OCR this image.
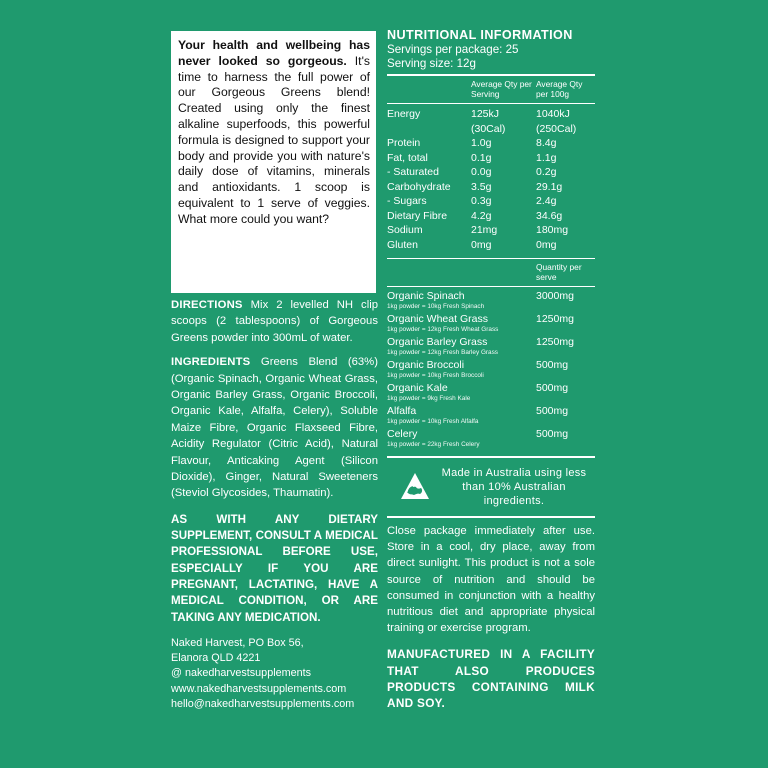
Your health and wellbeing has never looked so gorgeous. It's time to harness the full power of our Gorgeous Greens blend! Created using only the finest alkaline superfoods, this powerful formula is designed to support your body and provide you with nature's daily dose of vitamins, minerals and antioxidants. 1 scoop is equivalent to 1 serve of veggies. What more could you want?
DIRECTIONS Mix 2 levelled NH clip scoops (2 tablespoons) of Gorgeous Greens powder into 300mL of water.
INGREDIENTS Greens Blend (63%) (Organic Spinach, Organic Wheat Grass, Organic Barley Grass, Organic Broccoli, Organic Kale, Alfalfa, Celery), Soluble Maize Fibre, Organic Flaxseed Fibre, Acidity Regulator (Citric Acid), Natural Flavour, Anticaking Agent (Silicon Dioxide), Ginger, Natural Sweeteners (Steviol Glycosides, Thaumatin).
AS WITH ANY DIETARY SUPPLEMENT, CONSULT A MEDICAL PROFESSIONAL BEFORE USE, ESPECIALLY IF YOU ARE PREGNANT, LACTATING, HAVE A MEDICAL CONDITION, OR ARE TAKING ANY MEDICATION.
Naked Harvest, PO Box 56,
Elanora QLD 4221
@ nakedharvestsupplements
www.nakedharvestsupplements.com
hello@nakedharvestsupplements.com
NUTRITIONAL INFORMATION
Servings per package: 25
Serving size: 12g
	Average Qty per Serving	Average Qty per 100g
Energy	125kJ	1040kJ
	(30Cal)	(250Cal)
Protein	1.0g	8.4g
Fat, total	0.1g	1.1g
- Saturated	0.0g	0.2g
Carbohydrate	3.5g	29.1g
- Sugars	0.3g	2.4g
Dietary Fibre	4.2g	34.6g
Sodium	21mg	180mg
Gluten	0mg	0mg
	Quantity per serve
Organic Spinach
1kg powder = 10kg Fresh Spinach	3000mg
Organic Wheat Grass
1kg powder = 12kg Fresh Wheat Grass	1250mg
Organic Barley Grass
1kg powder = 12kg Fresh Barley Grass	1250mg
Organic Broccoli
1kg powder = 10kg Fresh Broccoli	500mg
Organic Kale
1kg powder = 9kg Fresh Kale	500mg
Alfalfa
1kg powder = 10kg Fresh Alfalfa	500mg
Celery
1kg powder = 22kg Fresh Celery	500mg
Made in Australia using less than 10% Australian ingredients.
Close package immediately after use. Store in a cool, dry place, away from direct sunlight. This product is not a sole source of nutrition and should be consumed in conjunction with a healthy nutritious diet and appropriate physical training or exercise program.
MANUFACTURED IN A FACILITY THAT ALSO PRODUCES PRODUCTS CONTAINING MILK AND SOY.
